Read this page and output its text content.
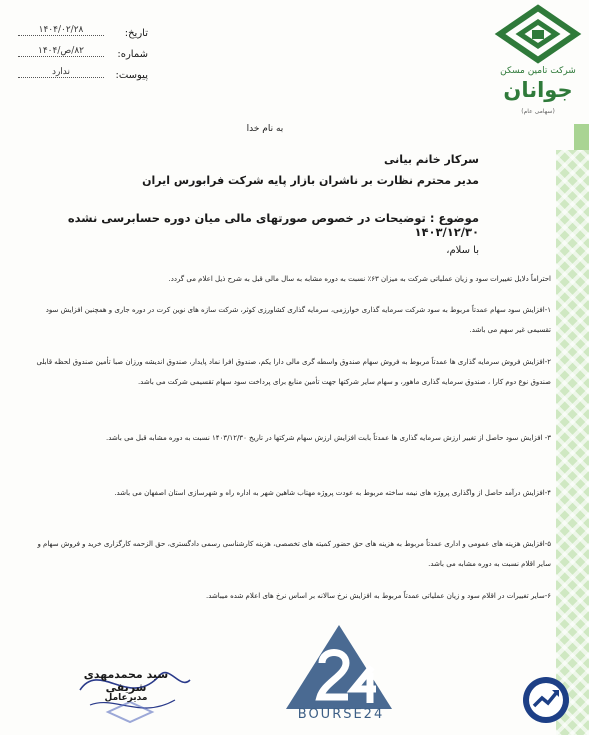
شرکت تامین مسکن
جوانان
(سهامی عام)
۱۴۰۴/۰۲/۲۸	تاریخ:
۸۲/ص/۱۴۰۴	شماره:
ندارد	پیوست:
به نام خدا
سرکار خانم بیانی
مدیر محترم نظارت بر ناشران بازار پایه شرکت فرابورس ایران
موضوع : توضیحات در خصوص صورتهای مالی میان دوره حسابرسی نشده ۱۴۰۳/۱۲/۳۰
با سلام،
احتراماً دلایل تغییرات سود و زیان عملیاتی شرکت به میزان ۶۳٪ نسبت به دوره مشابه به سال مالی قبل به شرح ذیل اعلام می گردد.
۱-افزایش سود سهام عمدتاً مربوط به سود شرکت سرمایه گذاری خوارزمی، سرمایه گذاری کشاورزی کوثر، شرکت سازه های نوین کرت در دوره جاری و همچنین افزایش سود تقسیمی غیر سهم می باشد.
۲-افزایش فروش سرمایه گذاری ها عمدتاً مربوط به فروش سهام صندوق واسطه گری مالی دارا یکم، صندوق افرا نماد پایدار، صندوق اندیشه ورزان صبا تأمین صندوق لحظه قابلی صندوق نوع دوم کارا ، صندوق سرمایه گذاری ماهور، و سهام سایر شرکتها جهت تأمین منابع برای پرداخت سود سهام تقسیمی شرکت می باشد.
۳- افزایش سود حاصل از تغییر ارزش سرمایه گذاری ها عمدتاً بابت افزایش ارزش سهام شرکتها در تاریخ ۱۴۰۳/۱۲/۳۰ نسبت به دوره مشابه قبل می باشد.
۴-افزایش درآمد حاصل از واگذاری پروژه های نیمه ساخته مربوط به عودت پروژه مهتاب شاهین شهر به اداره راه و شهرسازی استان اصفهان می باشد.
۵-افزایش هزینه های عمومی و اداری عمدتاً مربوط به هزینه های حق حضور کمیته های تخصصی، هزینه کارشناسی رسمی دادگستری، حق الزحمه کارگزاری خرید و فروش سهام و سایر اقلام نسبت به دوره مشابه می باشد.
۶-سایر تغییرات در اقلام سود و زیان عملیاتی عمدتاً مربوط به افزایش نرخ سالانه بر اساس نرخ های اعلام شده میباشد.
سید محمدمهدی شریفی
مدیرعامل
BOURSE24
